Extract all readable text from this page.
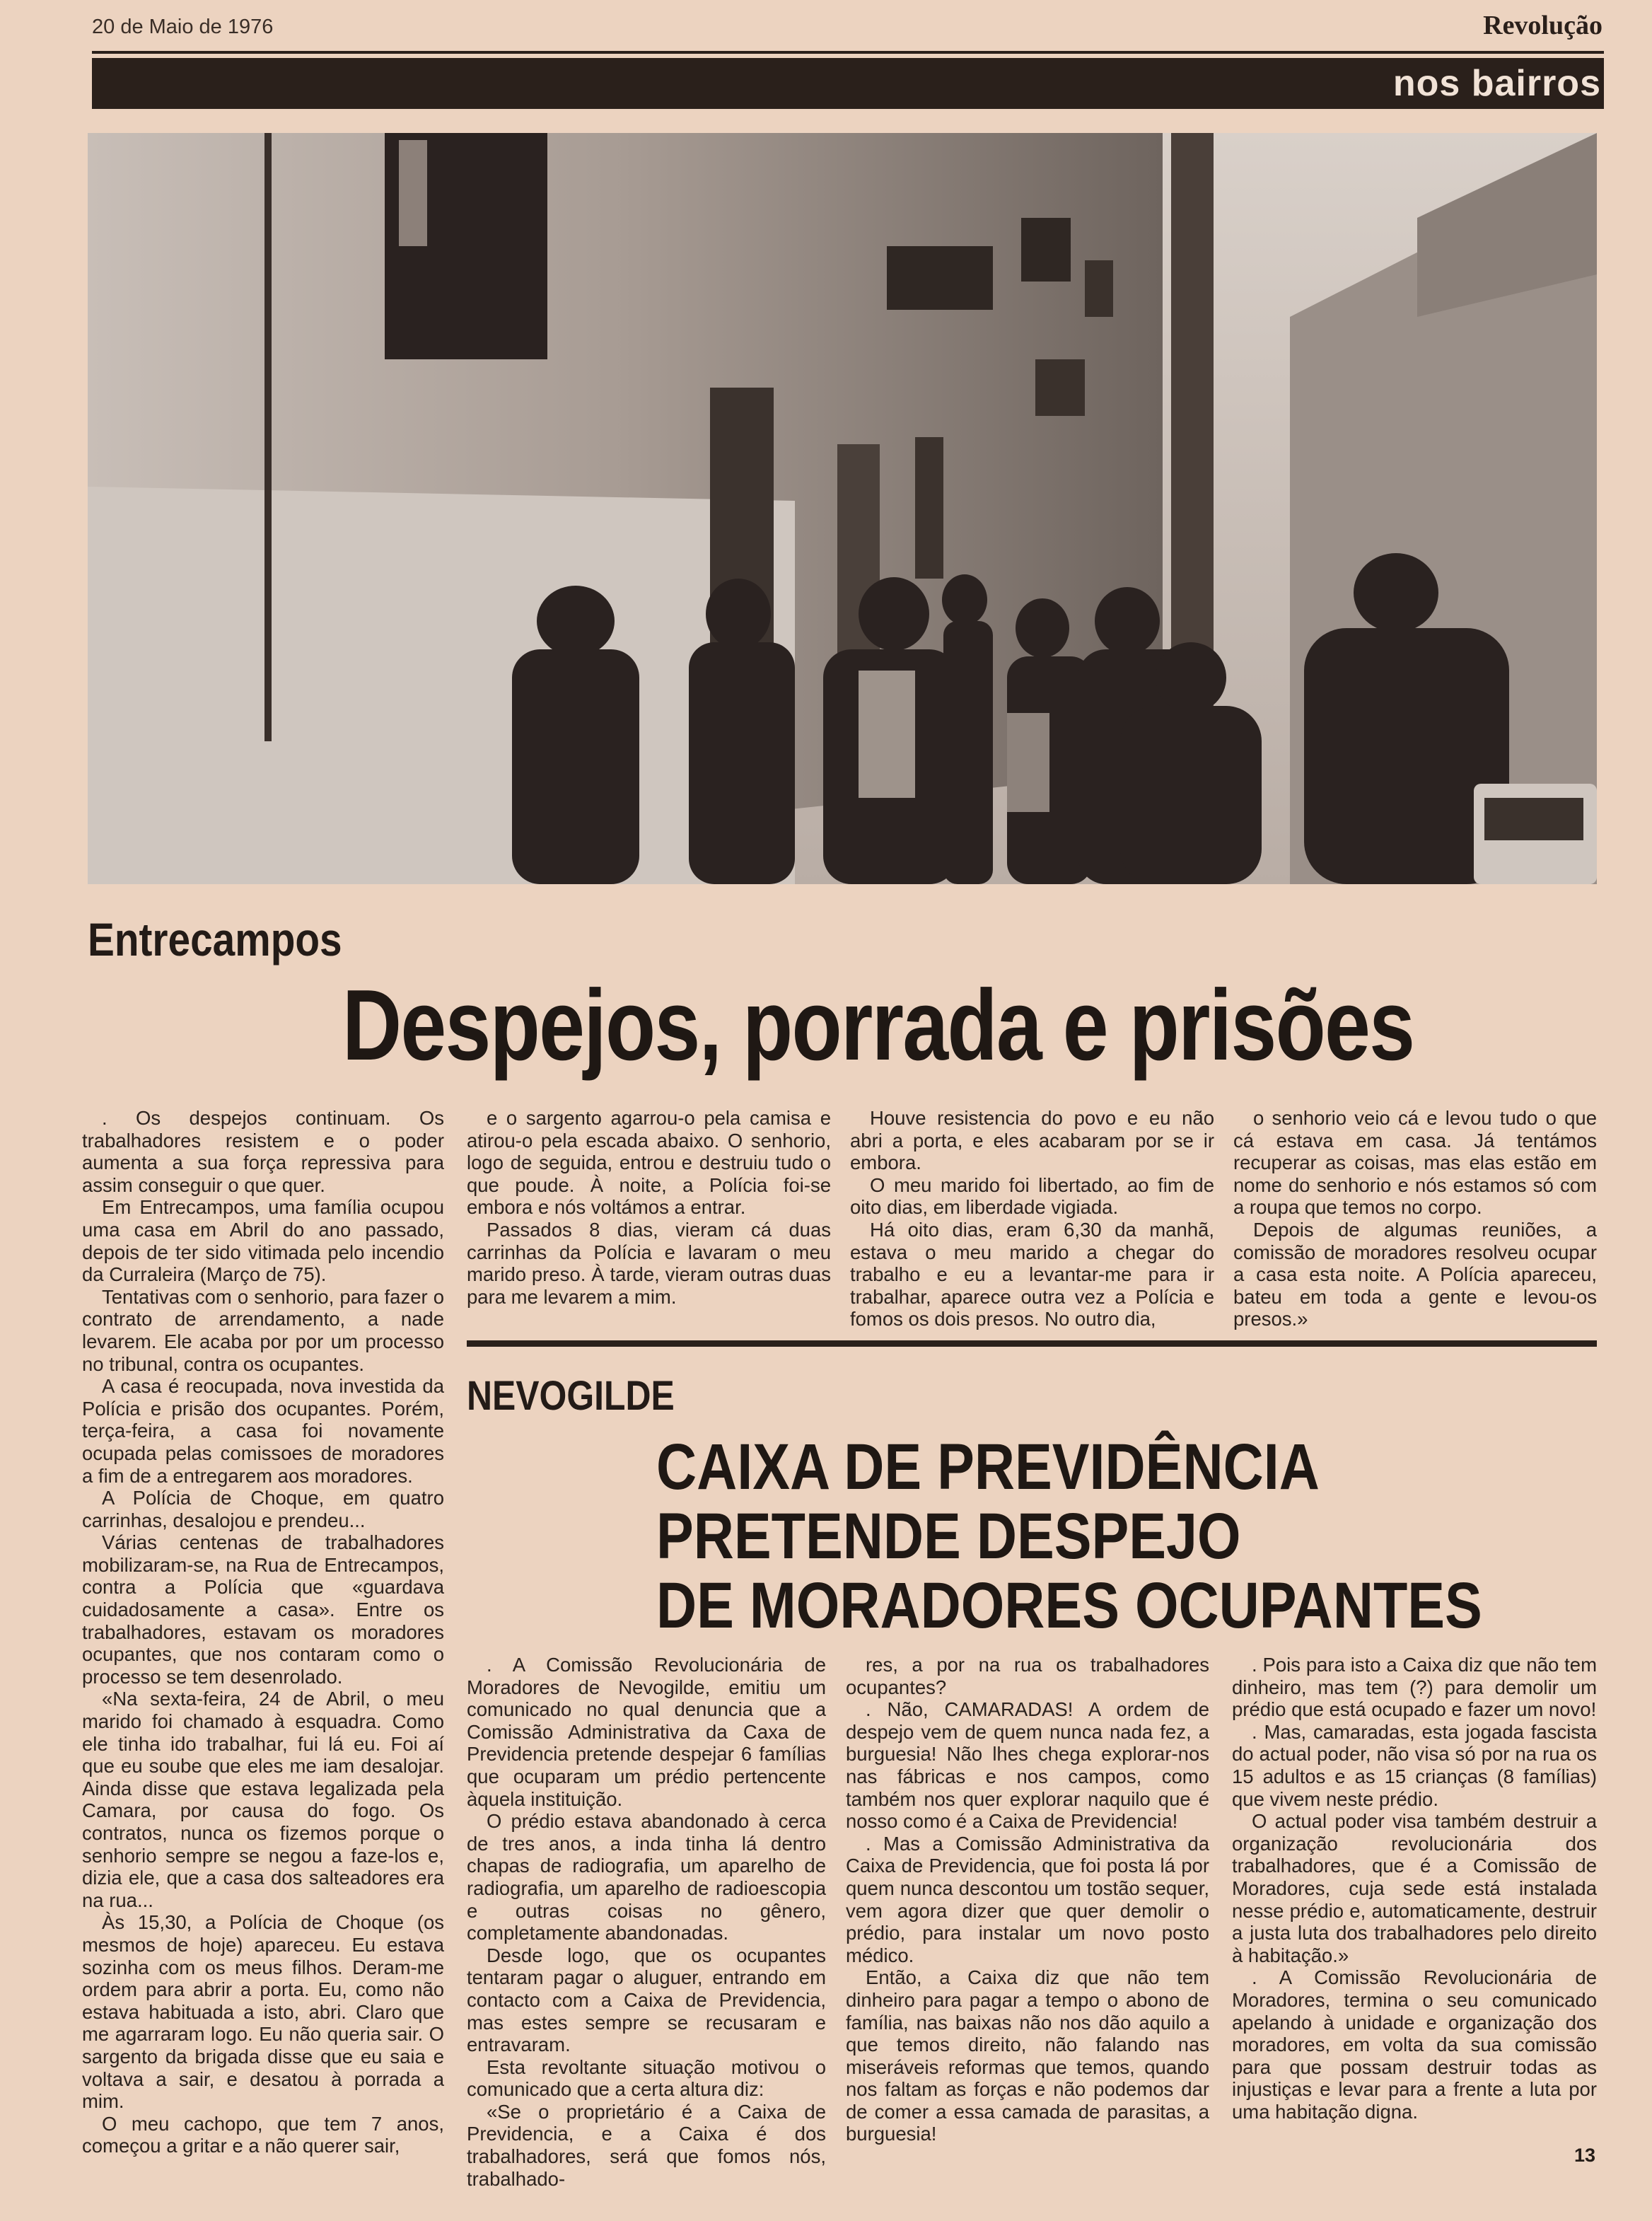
20 de Maio de 1976	Revolução
nos bairros
Entrecampos
Despejos, porrada e prisões

. Os despejos continuam. Os trabalhadores resistem e o poder aumenta a sua força repressiva para assim conseguir o que quer.

Em Entrecampos, uma família ocupou uma casa em Abril do ano passado, depois de ter sido vitimada pelo incendio da Curraleira (Março de 75).

Tentativas com o senhorio, para fazer o contrato de arrendamento, a nade levarem. Ele acaba por por um processo no tribunal, contra os ocupantes.

A casa é reocupada, nova investida da Polícia e prisão dos ocupantes. Porém, terça-feira, a casa foi novamente ocupada pelas comissoes de moradores a fim de a entregarem aos moradores.

A Polícia de Choque, em quatro carrinhas, desalojou e prendeu...

Várias centenas de trabalhadores mobilizaram-se, na Rua de Entrecampos, contra a Polícia que «guardava cuidadosamente a casa». Entre os trabalhadores, estavam os moradores ocupantes, que nos contaram como o processo se tem desenrolado.

«Na sexta-feira, 24 de Abril, o meu marido foi chamado à esquadra. Como ele tinha ido trabalhar, fui lá eu. Foi aí que eu soube que eles me iam desalojar. Ainda disse que estava legalizada pela Camara, por causa do fogo. Os contratos, nunca os fizemos porque o senhorio sempre se negou a faze-los e, dizia ele, que a casa dos salteadores era na rua...

Às 15,30, a Polícia de Choque (os mesmos de hoje) apareceu. Eu estava sozinha com os meus filhos. Deram-me ordem para abrir a porta. Eu, como não estava habituada a isto, abri. Claro que me agarraram logo. Eu não queria sair. O sargento da brigada disse que eu saia e voltava a sair, e desatou à porrada a mim.

O meu cachopo, que tem 7 anos, começou a gritar e a não querer sair,

e o sargento agarrou-o pela camisa e atirou-o pela escada abaixo. O senhorio, logo de seguida, entrou e destruiu tudo o que poude. À noite, a Polícia foi-se embora e nós voltámos a entrar.

Passados 8 dias, vieram cá duas carrinhas da Polícia e lavaram o meu marido preso. À tarde, vieram outras duas para me levarem a mim.

Houve resistencia do povo e eu não abri a porta, e eles acabaram por se ir embora.

O meu marido foi libertado, ao fim de oito dias, em liberdade vigiada.

Há oito dias, eram 6,30 da manhã, estava o meu marido a chegar do trabalho e eu a levantar-me para ir trabalhar, aparece outra vez a Polícia e fomos os dois presos. No outro dia,

o senhorio veio cá e levou tudo o que cá estava em casa. Já tentámos recuperar as coisas, mas elas estão em nome do senhorio e nós estamos só com a roupa que temos no corpo.

Depois de algumas reuniões, a comissão de moradores resolveu ocupar a casa esta noite. A Polícia apareceu, bateu em toda a gente e levou-os presos.»

NEVOGILDE
CAIXA DE PREVIDÊNCIA
PRETENDE DESPEJO
DE MORADORES OCUPANTES

. A Comissão Revolucionária de Moradores de Nevogilde, emitiu um comunicado no qual denuncia que a Comissão Administrativa da Caxa de Previdencia pretende despejar 6 famílias que ocuparam um prédio pertencente àquela instituição.

O prédio estava abandonado à cerca de tres anos, a inda tinha lá dentro chapas de radiografia, um aparelho de radiografia, um aparelho de radioescopia e outras coisas no gênero, completamente abandonadas.

Desde logo, que os ocupantes tentaram pagar o aluguer, entrando em contacto com a Caixa de Previdencia, mas estes sempre se recusaram e entravaram.

Esta revoltante situação motivou o comunicado que a certa altura diz:

«Se o proprietário é a Caixa de Previdencia, e a Caixa é dos trabalhadores, será que fomos nós, trabalhado-

res, a por na rua os trabalhadores ocupantes?

. Não, CAMARADAS! A ordem de despejo vem de quem nunca nada fez, a burguesia! Não lhes chega explorar-nos nas fábricas e nos campos, como também nos quer explorar naquilo que é nosso como é a Caixa de Previdencia!

. Mas a Comissão Administrativa da Caixa de Previdencia, que foi posta lá por quem nunca descontou um tostão sequer, vem agora dizer que quer demolir o prédio, para instalar um novo posto médico.

Então, a Caixa diz que não tem dinheiro para pagar a tempo o abono de família, nas baixas não nos dão aquilo a que temos direito, não falando nas miseráveis reformas que temos, quando nos faltam as forças e não podemos dar de comer a essa camada de parasitas, a burguesia!

. Pois para isto a Caixa diz que não tem dinheiro, mas tem (?) para demolir um prédio que está ocupado e fazer um novo!

. Mas, camaradas, esta jogada fascista do actual poder, não visa só por na rua os 15 adultos e as 15 crianças (8 famílias) que vivem neste prédio.

O actual poder visa também destruir a organização revolucionária dos trabalhadores, que é a Comissão de Moradores, cuja sede está instalada nesse prédio e, automaticamente, destruir a justa luta dos trabalhadores pelo direito à habitação.»

. A Comissão Revolucionária de Moradores, termina o seu comunicado apelando à unidade e organização dos moradores, em volta da sua comissão para que possam destruir todas as injustiças e levar para a frente a luta por uma habitação digna.

13
